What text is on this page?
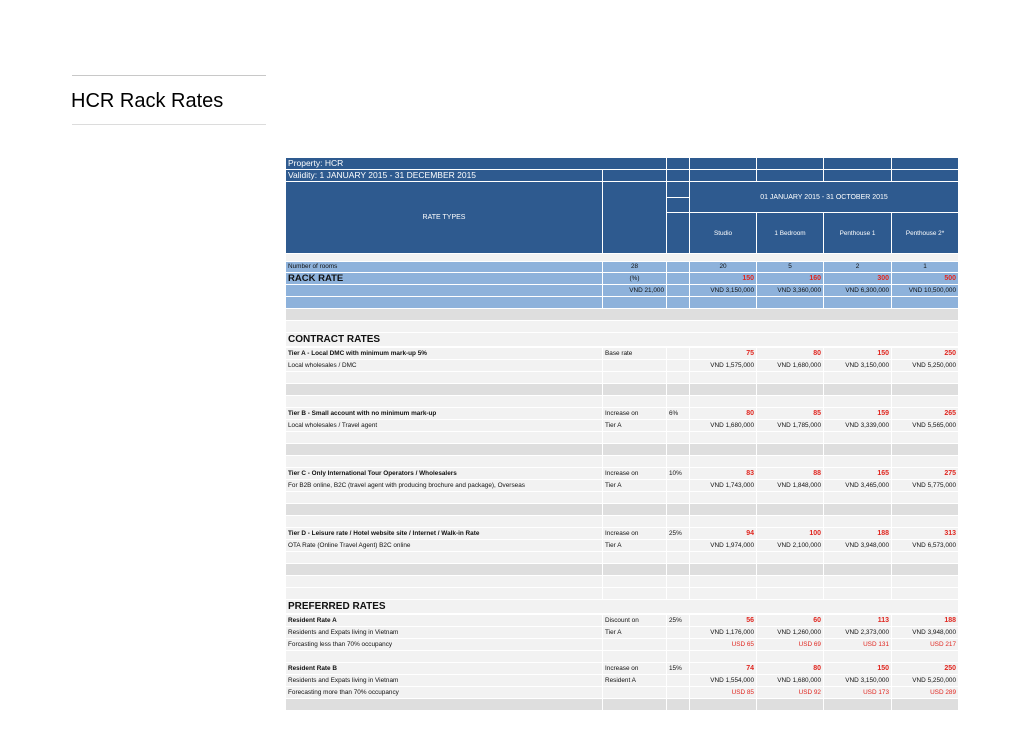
HCR Rack Rates
Property: HCR						
Validity: 1 JANUARY 2015 - 31 DECEMBER 2015						
RATE TYPES			01 JANUARY 2015 - 31 OCTOBER 2015			

			Studio	1 Bedroom	Penthouse 1	Penthouse 2*

Number of rooms	28		20	5	2	1
RACK RATE	(%)		150	160	300	500
	VND 21,000		VND 3,150,000	VND 3,360,000	VND 6,300,000	VND 10,500,000

CONTRACT RATES						
Tier A - Local DMC with minimum mark-up 5%	Base rate		75	80	150	250
Local wholesales / DMC			VND 1,575,000	VND 1,680,000	VND 3,150,000	VND 5,250,000

Tier B - Small account with no minimum mark-up	Increase on	6%	80	85	159	265
Local wholesales / Travel agent	Tier A		VND 1,680,000	VND 1,785,000	VND 3,339,000	VND 5,565,000

Tier C - Only International Tour Operators / Wholesalers	Increase on	10%	83	88	165	275
For B2B online, B2C (travel agent with producing brochure and package), Overseas	Tier A		VND 1,743,000	VND 1,848,000	VND 3,465,000	VND 5,775,000

Tier D - Leisure rate / Hotel website site / Internet / Walk-in Rate	Increase on	25%	94	100	188	313
OTA Rate (Online Travel Agent) B2C online	Tier A		VND 1,974,000	VND 2,100,000	VND 3,948,000	VND 6,573,000

PREFERRED RATES						
Resident Rate A	Discount on	25%	56	60	113	188
Residents and Expats living in Vietnam	Tier A		VND 1,176,000	VND 1,260,000	VND 2,373,000	VND 3,948,000
Forcasting less than 70% occupancy			USD 65	USD 69	USD 131	USD 217

Resident Rate B	Increase on	15%	74	80	150	250
Residents and Expats living in Vietnam	Resident A		VND 1,554,000	VND 1,680,000	VND 3,150,000	VND 5,250,000
Forecasting more than 70% occupancy			USD 85	USD 92	USD 173	USD 289
